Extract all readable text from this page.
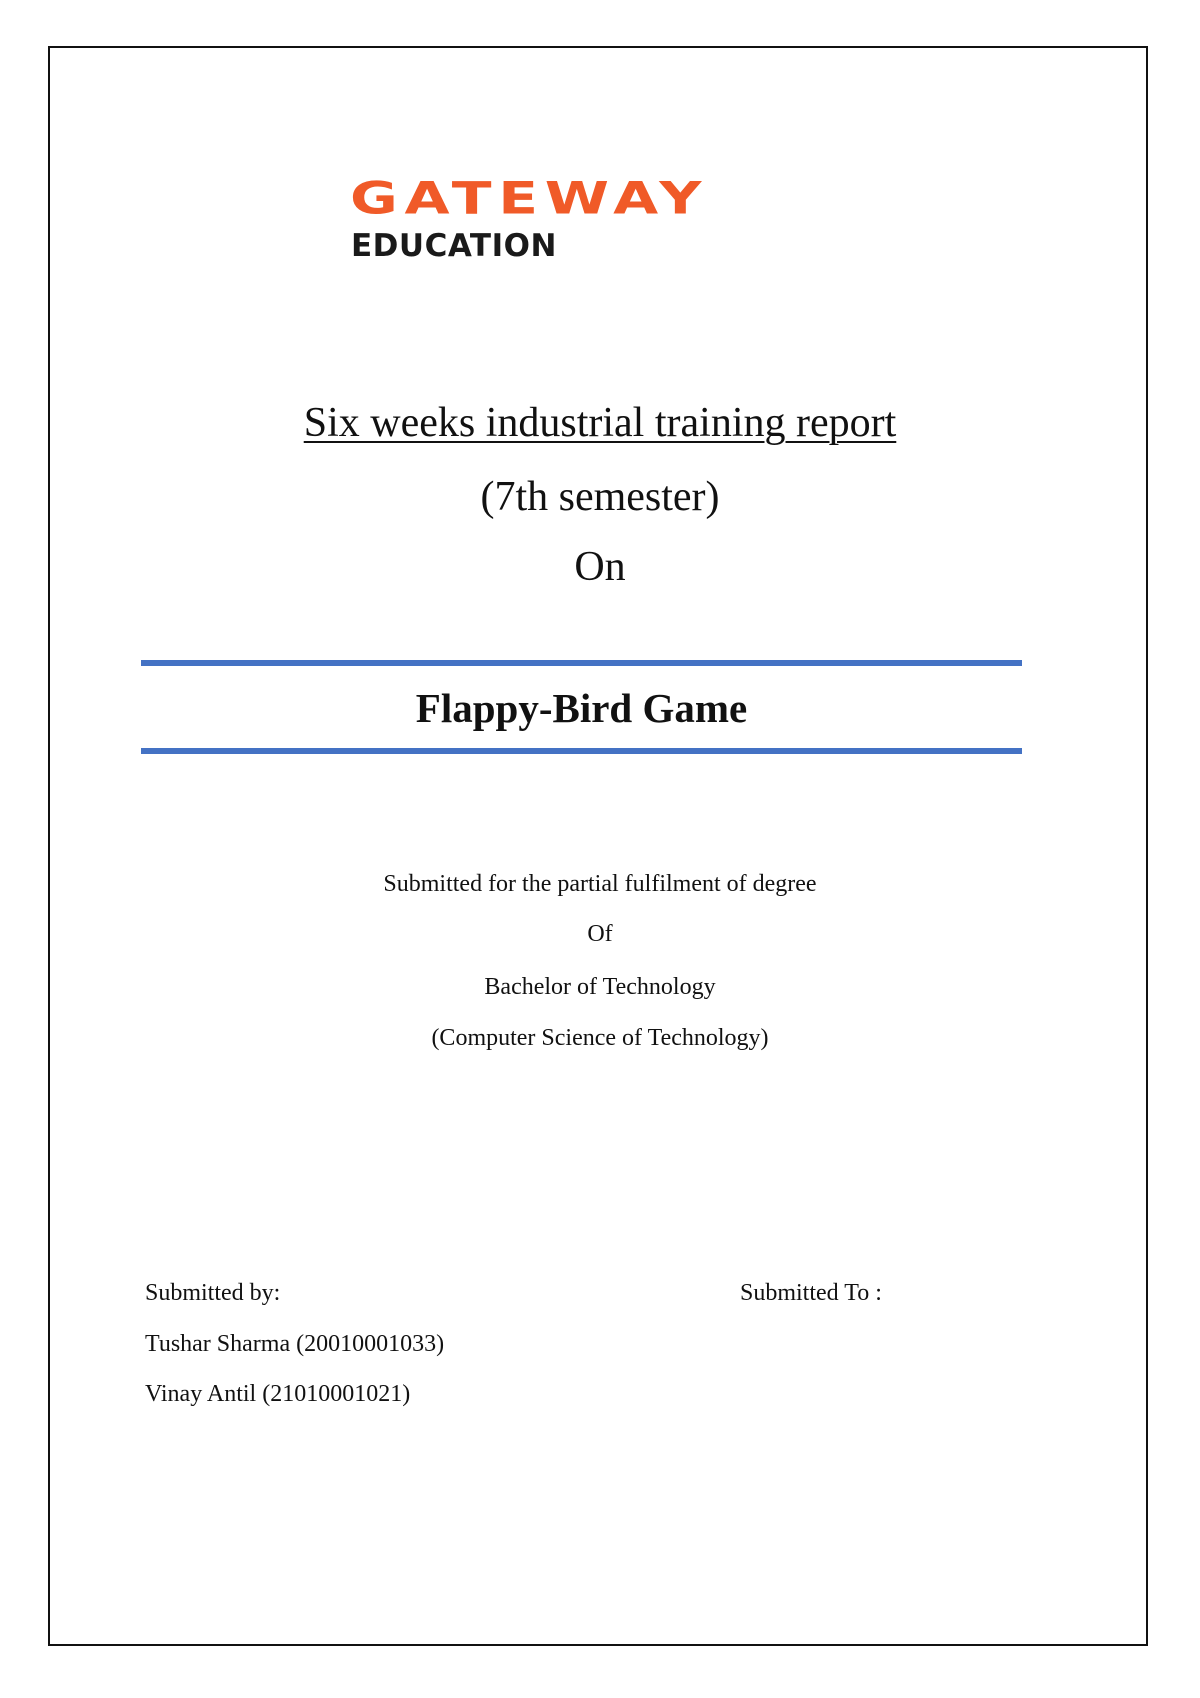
GATEWAY
EDUCATION
Six weeks industrial training report
(7th semester)
On
Flappy-Bird Game
Submitted for the partial fulfilment of degree
Of
Bachelor of Technology
(Computer Science of Technology)
Submitted by:	Submitted To :
Tushar Sharma (20010001033)
Vinay Antil (21010001021)
